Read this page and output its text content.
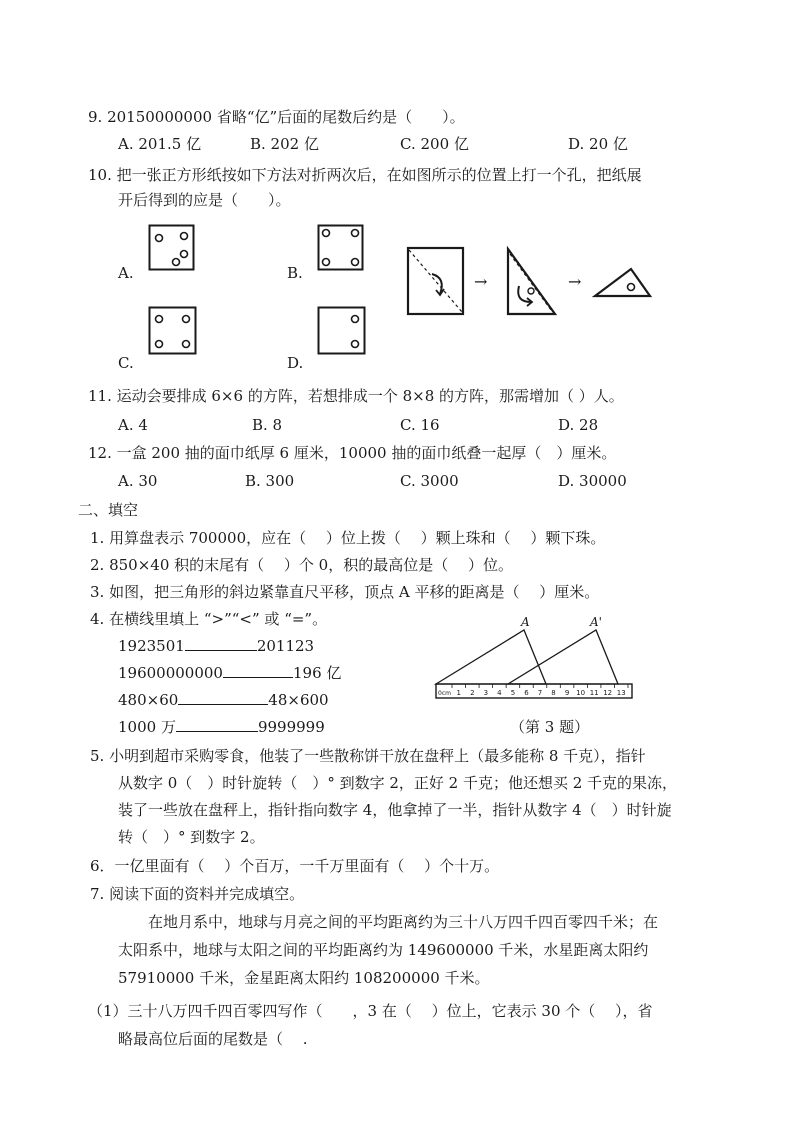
9. 20150000000 省略“亿”后面的尾数后约是（　　）。
A. 201.5 亿	B. 202 亿	C. 200 亿	D. 20 亿
10. 把一张正方形纸按如下方法对折两次后，在如图所示的位置上打一个孔，把纸展
开后得到的应是（　　）。
A.	B.
C.	D.
→	→
11. 运动会要排成 6×6 的方阵，若想排成一个 8×8 的方阵，那需增加（ ）人。
A. 4	B. 8	C. 16	D. 28
12. 一盒 200 抽的面巾纸厚 6 厘米，10000 抽的面巾纸叠一起厚（　）厘米。
A. 30	B. 300	C. 3000	D. 30000
二、填空
1. 用算盘表示 700000，应在（　 ）位上拨（　 ）颗上珠和（　 ）颗下珠。
2. 850×40 积的末尾有（　 ）个 0，积的最高位是（　 ）位。
3. 如图，把三角形的斜边紧靠直尺平移，顶点 A 平移的距离是（　 ）厘米。
4. 在横线里填上 “>”“<” 或 “=”。
1923501	201123
19600000000	196 亿
480×60	48×600
1000 万	9999999
A	A'
0cm 1 2 3 4 5 6 7 8 9 10 11 12 13
（第 3 题）
5. 小明到超市采购零食，他装了一些散称饼干放在盘秤上（最多能称 8 千克），指针
从数字 0（　）时针旋转（　）° 到数字 2，正好 2 千克；他还想买 2 千克的果冻，
装了一些放在盘秤上，指针指向数字 4，他拿掉了一半，指针从数字 4（　）时针旋
转（　）° 到数字 2。
6．一亿里面有（　 ）个百万，一千万里面有（　 ）个十万。
7. 阅读下面的资料并完成填空。
在地月系中，地球与月亮之间的平均距离约为三十八万四千四百零四千米；在
太阳系中，地球与太阳之间的平均距离约为 149600000 千米，水星距离太阳约
57910000 千米，金星距离太阳约 108200000 千米。
（1）三十八万四千四百零四写作（　　，3 在（　 ）位上，它表示 30 个（　 ），省
略最高位后面的尾数是（　 .
